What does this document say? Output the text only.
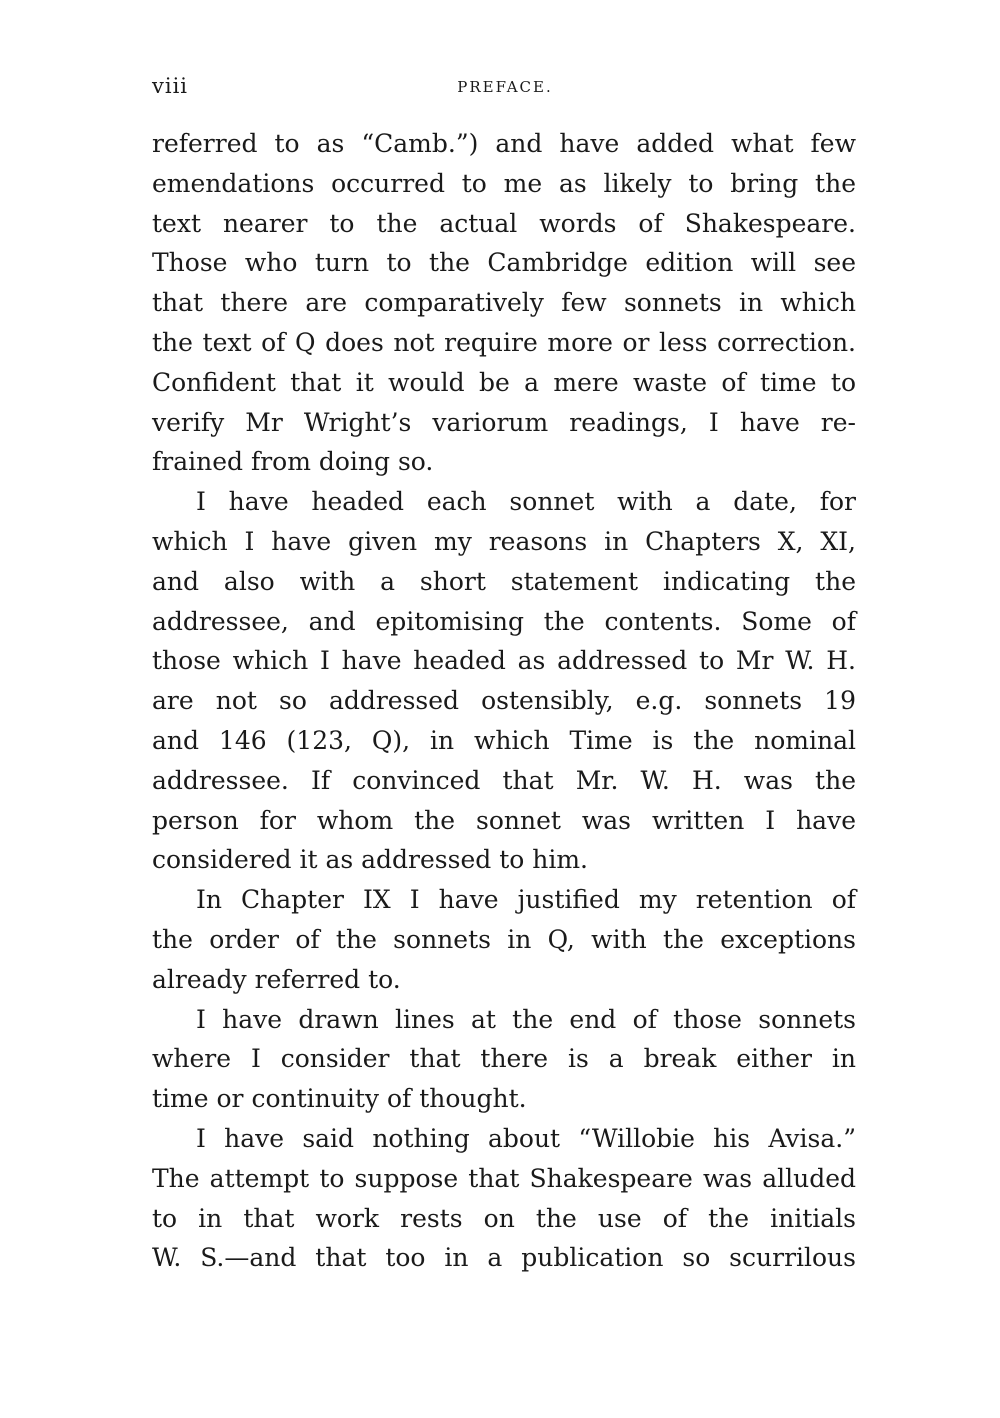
viii	PREFACE.
referred to as “Camb.”) and have added what few
emendations occurred to me as likely to bring the
text nearer to the actual words of Shakespeare.
Those who turn to the Cambridge edition will see
that there are comparatively few sonnets in which
the text of Q does not require more or less correction.
Confident that it would be a mere waste of time to
verify Mr Wright’s variorum readings, I have re-
frained from doing so.
I have headed each sonnet with a date, for
which I have given my reasons in Chapters X, XI,
and also with a short statement indicating the
addressee, and epitomising the contents. Some of
those which I have headed as addressed to Mr W. H.
are not so addressed ostensibly, e.g. sonnets 19
and 146 (123, Q), in which Time is the nominal
addressee. If convinced that Mr. W. H. was the
person for whom the sonnet was written I have
considered it as addressed to him.
In Chapter IX I have justified my retention of
the order of the sonnets in Q, with the exceptions
already referred to.
I have drawn lines at the end of those sonnets
where I consider that there is a break either in
time or continuity of thought.
I have said nothing about “Willobie his Avisa.”
The attempt to suppose that Shakespeare was alluded
to in that work rests on the use of the initials
W. S.—and that too in a publication so scurrilous
